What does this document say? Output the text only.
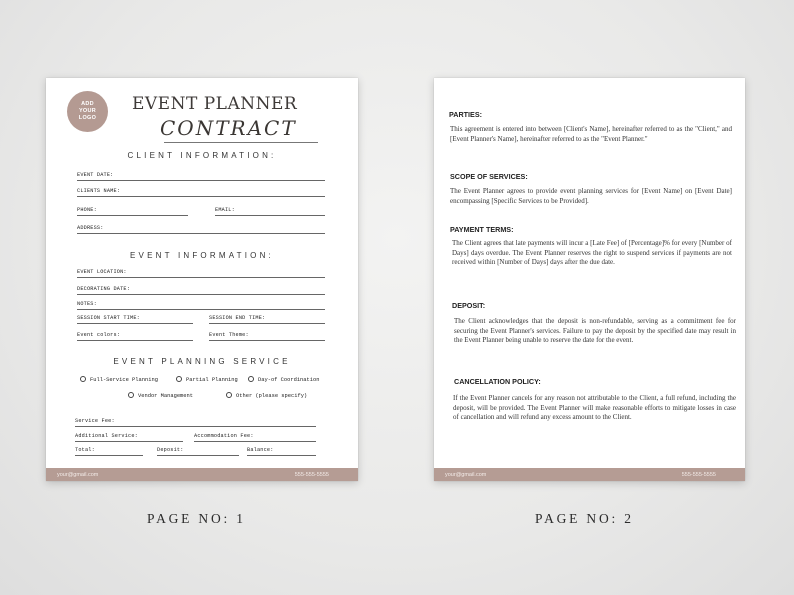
ADD YOUR LOGO
EVENT PLANNER
CONTRACT
CLIENT INFORMATION:
EVENT DATE:
CLIENTS NAME:
PHONE:	EMAIL:
ADDRESS:
EVENT INFORMATION:
EVENT LOCATION:
DECORATING DATE:
NOTES:
SESSION START TIME:	SESSION END TIME:
Event colors:	Event Theme:
EVENT PLANNING SERVICE
Full-Service Planning	Partial Planning	Day-of Coordination
Vendor Management	Other (please specify)
Service Fee:
Additional Service:	Accommodation Fee:
Total:	Deposit:	Balance:
your@gmail.com	555-555-5555
PARTIES:

This agreement is entered into between [Client's Name], hereinafter referred to as the "Client," and [Event Planner's Name], hereinafter referred to as the "Event Planner."

SCOPE OF SERVICES:

The Event Planner agrees to provide event planning services for [Event Name] on [Event Date] encompassing [Specific Services to be Provided].

PAYMENT TERMS:

The Client agrees that late payments will incur a [Late Fee] of [Percentage]% for every [Number of Days] days overdue. The Event Planner reserves the right to suspend services if payments are not received within [Number of Days] days after the due date.

DEPOSIT:

The Client acknowledges that the deposit is non-refundable, serving as a commitment fee for securing the Event Planner's services. Failure to pay the deposit by the specified date may result in the Event Planner being unable to reserve the date for the event.

CANCELLATION POLICY:

If the Event Planner cancels for any reason not attributable to the Client, a full refund, including the deposit, will be provided. The Event Planner will make reasonable efforts to mitigate losses in case of cancellation and will refund any excess amount to the Client.

your@gmail.com	555-555-5555
PAGE NO: 1	PAGE NO: 2
